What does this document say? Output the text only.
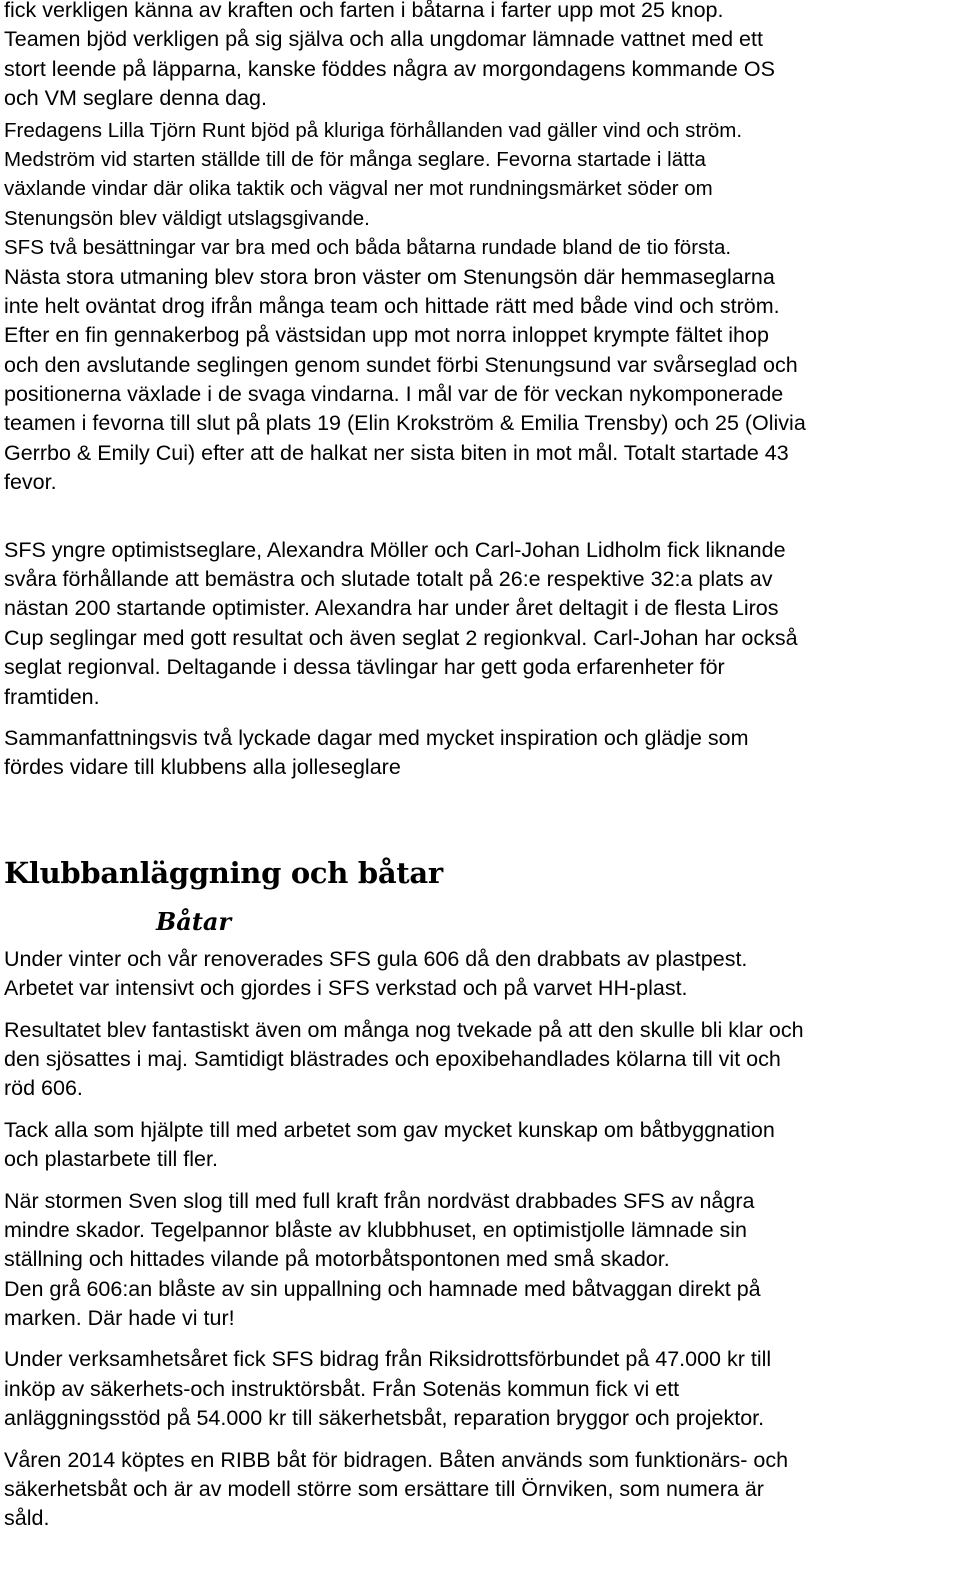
fick verkligen känna av kraften och farten i båtarna i farter upp mot 25 knop.
Teamen bjöd verkligen på sig själva och alla ungdomar lämnade vattnet med ett
stort leende på läpparna, kanske föddes några av morgondagens kommande OS
och VM seglare denna dag.
Fredagens Lilla Tjörn Runt bjöd på kluriga förhållanden vad gäller vind och ström.
Medström vid starten ställde till de för många seglare. Fevorna startade i lätta
växlande vindar där olika taktik och vägval ner mot rundningsmärket söder om
Stenungsön blev väldigt utslagsgivande.
SFS två besättningar var bra med och båda båtarna rundade bland de tio första.
Nästa stora utmaning blev stora bron väster om Stenungsön där hemmaseglarna
inte helt oväntat drog ifrån många team och hittade rätt med både vind och ström.
Efter en fin gennakerbog på västsidan upp mot norra inloppet krympte fältet ihop
och den avslutande seglingen genom sundet förbi Stenungsund var svårseglad och
positionerna växlade i de svaga vindarna. I mål var de för veckan nykomponerade
teamen i fevorna till slut på plats 19 (Elin Krokström & Emilia Trensby) och 25 (Olivia
Gerrbo & Emily Cui) efter att de halkat ner sista biten in mot mål. Totalt startade 43
fevor.
SFS yngre optimistseglare, Alexandra Möller och Carl-Johan Lidholm fick liknande
svåra förhållande att bemästra och slutade totalt på 26:e respektive 32:a plats av
nästan 200 startande optimister. Alexandra har under året deltagit i de flesta Liros
Cup seglingar med gott resultat och även seglat 2 regionkval. Carl-Johan har också
seglat regionval. Deltagande i dessa tävlingar har gett goda erfarenheter för
framtiden.
Sammanfattningsvis två lyckade dagar med mycket inspiration och glädje som
fördes vidare till klubbens alla jolleseglare
Klubbanläggning och båtar
Båtar
Under vinter och vår renoverades SFS gula 606 då den drabbats av plastpest.
Arbetet var intensivt och gjordes i SFS verkstad och på varvet HH-plast.
Resultatet blev fantastiskt även om många nog tvekade på att den skulle bli klar och
den sjösattes i maj. Samtidigt blästrades och epoxibehandlades kölarna till vit och
röd 606.
Tack alla som hjälpte till med arbetet som gav mycket kunskap om båtbyggnation
och plastarbete till fler.
När stormen Sven slog till med full kraft från nordväst drabbades SFS av några
mindre skador. Tegelpannor blåste av klubbhuset, en optimistjolle lämnade sin
ställning och hittades vilande på motorbåtspontonen med små skador.
Den grå 606:an blåste av sin uppallning och hamnade med båtvaggan direkt på
marken. Där hade vi tur!
Under verksamhetsåret fick SFS bidrag från Riksidrottsförbundet på 47.000 kr till
inköp av säkerhets-och instruktörsbåt. Från Sotenäs kommun fick vi ett
anläggningsstöd på 54.000 kr till säkerhetsbåt, reparation bryggor och projektor.
Våren 2014 köptes en RIBB båt för bidragen. Båten används som funktionärs- och
säkerhetsbåt och är av modell större som ersättare till Örnviken, som numera är
såld.
